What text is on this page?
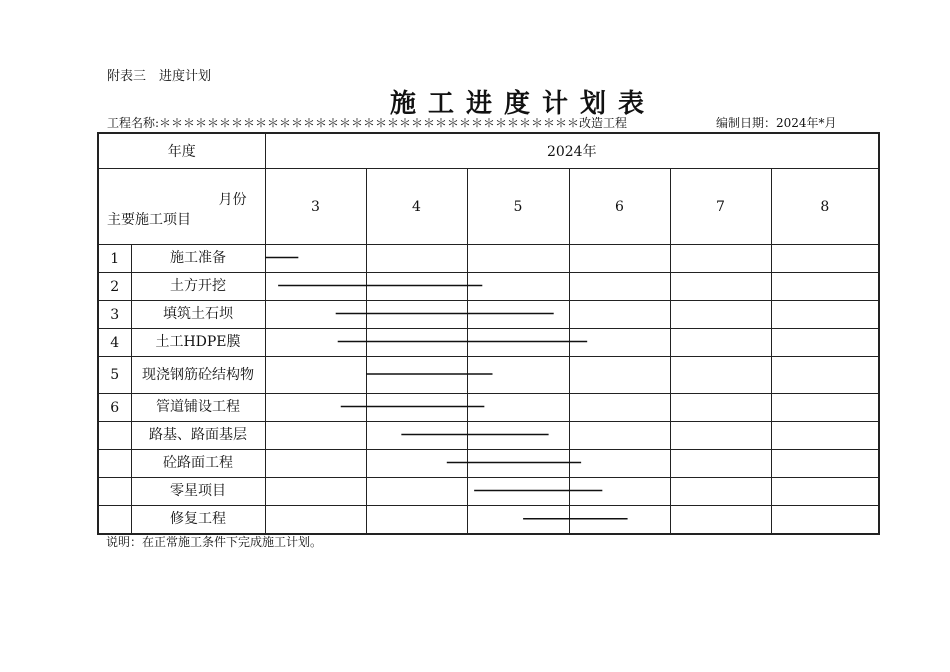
附表三　进度计划
施工进度计划表
工程名称:＊＊＊＊＊＊＊＊＊＊＊＊＊＊＊＊＊＊＊＊＊＊＊＊＊＊＊＊＊＊＊＊＊＊＊改造工程	编制日期：2024年*月
年度		2024年					

月份
主要施工项目		3	4	5	6	7	8
1	施工准备						
2	土方开挖						
3	填筑土石坝						
4	土工HDPE膜						
5	现浇钢筋砼结构物						
6	管道铺设工程						
	路基、路面基层						
	砼路面工程						
	零星项目						
	修复工程						
说明：在正常施工条件下完成施工计划。
